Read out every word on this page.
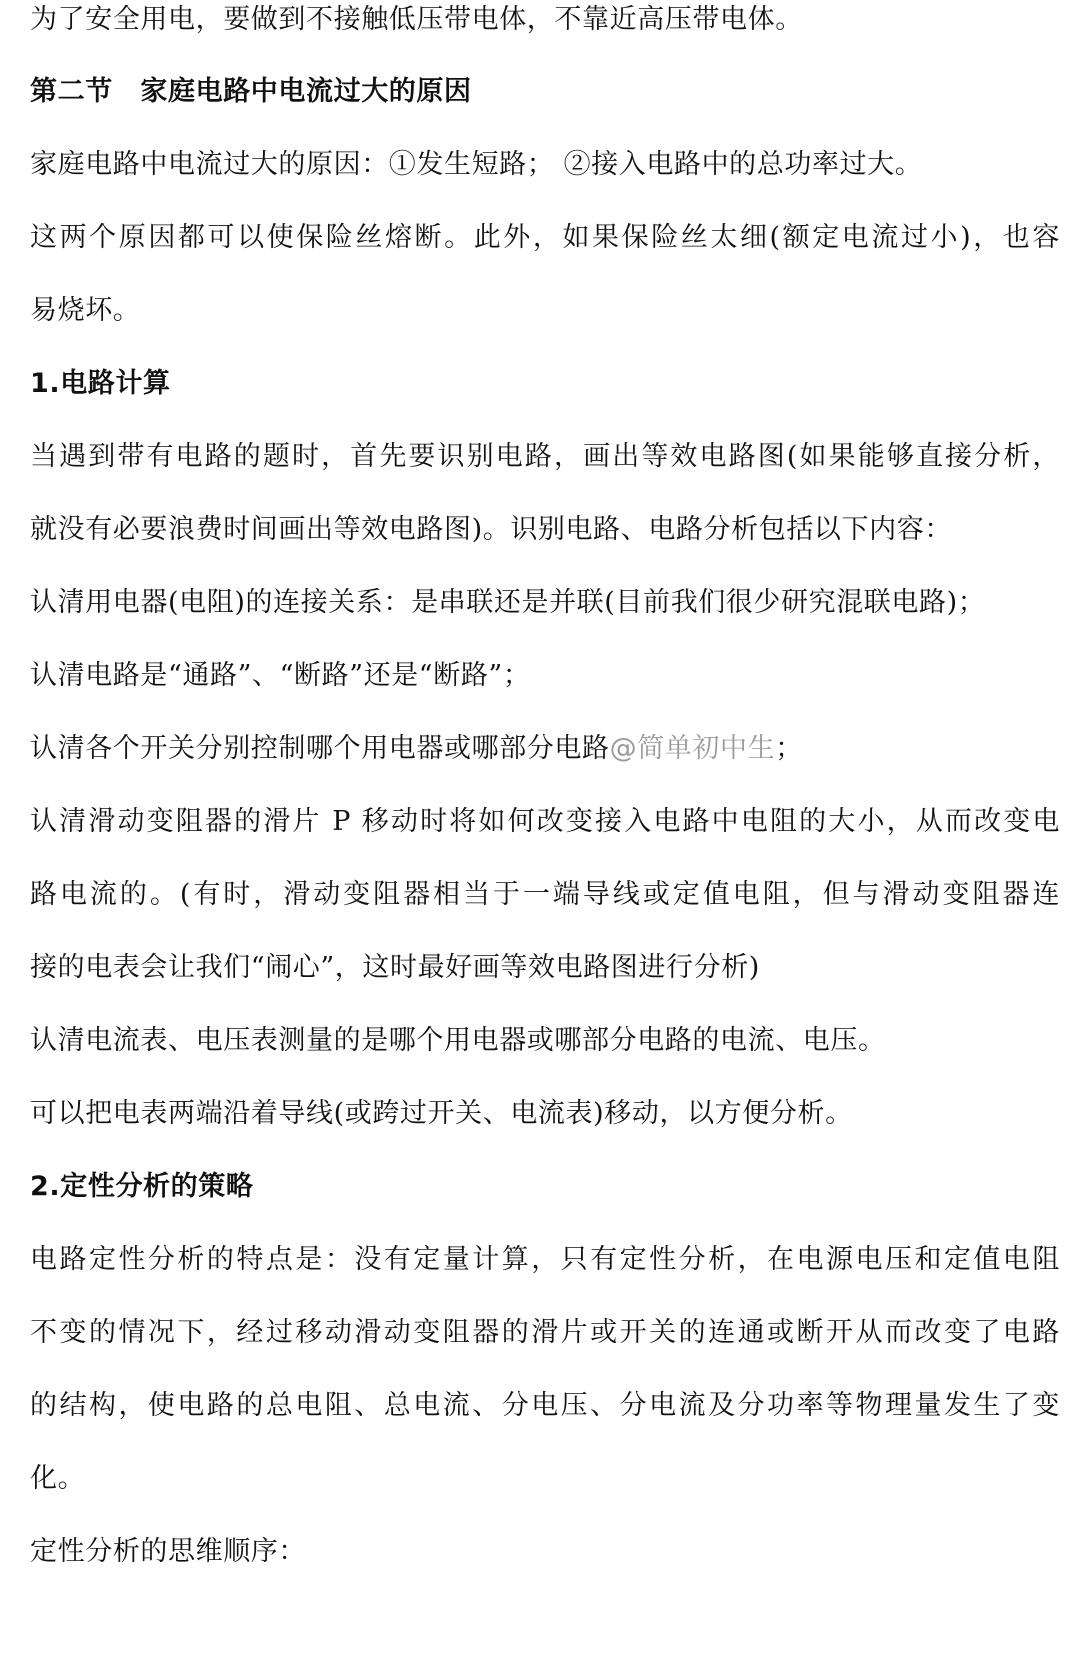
为了安全用电，要做到不接触低压带电体，不靠近高压带电体。
第二节　家庭电路中电流过大的原因
家庭电路中电流过大的原因：①发生短路； ②接入电路中的总功率过大。
这两个原因都可以使保险丝熔断。此外，如果保险丝太细(额定电流过小)，也容
易烧坏。
1.电路计算
当遇到带有电路的题时，首先要识别电路，画出等效电路图(如果能够直接分析，
就没有必要浪费时间画出等效电路图)。识别电路、电路分析包括以下内容：
认清用电器(电阻)的连接关系：是串联还是并联(目前我们很少研究混联电路)；
认清电路是“通路”、“断路”还是“断路”；
认清各个开关分别控制哪个用电器或哪部分电路@简单初中生；
认清滑动变阻器的滑片 P 移动时将如何改变接入电路中电阻的大小，从而改变电
路电流的。(有时，滑动变阻器相当于一端导线或定值电阻，但与滑动变阻器连
接的电表会让我们“闹心”，这时最好画等效电路图进行分析)
认清电流表、电压表测量的是哪个用电器或哪部分电路的电流、电压。
可以把电表两端沿着导线(或跨过开关、电流表)移动，以方便分析。
2.定性分析的策略
电路定性分析的特点是：没有定量计算，只有定性分析，在电源电压和定值电阻
不变的情况下，经过移动滑动变阻器的滑片或开关的连通或断开从而改变了电路
的结构，使电路的总电阻、总电流、分电压、分电流及分功率等物理量发生了变
化。
定性分析的思维顺序：
